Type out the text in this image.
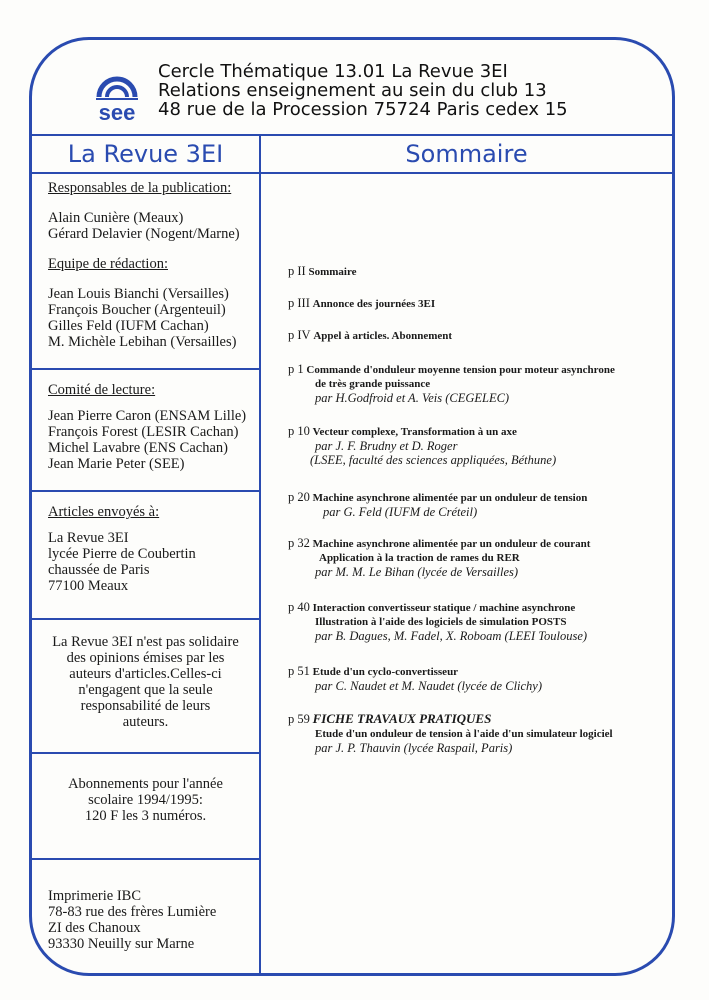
see
Cercle Thématique 13.01 La Revue 3EI
Relations enseignement au sein du club 13
48 rue de la Procession 75724 Paris cedex 15
La Revue 3EI	Sommaire
Responsables de la publication:
Alain Cunière (Meaux)
Gérard Delavier (Nogent/Marne)
Equipe de rédaction:
Jean Louis Bianchi (Versailles)
François Boucher (Argenteuil)
Gilles Feld (IUFM Cachan)
M. Michèle Lebihan (Versailles)
Comité de lecture:
Jean Pierre Caron (ENSAM Lille)
François Forest (LESIR Cachan)
Michel Lavabre (ENS Cachan)
Jean Marie Peter (SEE)
Articles envoyés à:
La Revue 3EI
lycée Pierre de Coubertin
chaussée de Paris
77100 Meaux
La Revue 3EI n'est pas solidaire
des opinions émises par les
auteurs d'articles.Celles-ci
n'engagent que la seule
responsabilité de leurs
auteurs.
Abonnements pour l'année
scolaire 1994/1995:
120 F les 3 numéros.
Imprimerie IBC
78-83 rue des frères Lumière
ZI des Chanoux
93330 Neuilly sur Marne
p II Sommaire
p III Annonce des journées 3EI
p IV Appel à articles. Abonnement
p 1 Commande d'onduleur moyenne tension pour moteur asynchrone
de très grande puissance
par H.Godfroid et A. Veis (CEGELEC)
p 10 Vecteur complexe, Transformation à un axe
par J. F. Brudny et D. Roger
(LSEE, faculté des sciences appliquées, Béthune)
p 20 Machine asynchrone alimentée par un onduleur de tension
par G. Feld (IUFM de Créteil)
p 32 Machine asynchrone alimentée par un onduleur de courant
Application à la traction de rames du RER
par M. M. Le Bihan (lycée de Versailles)
p 40 Interaction convertisseur statique / machine asynchrone
Illustration à l'aide des logiciels de simulation POSTS
par B. Dagues, M. Fadel, X. Roboam (LEEI Toulouse)
p 51 Etude d'un cyclo-convertisseur
par C. Naudet et M. Naudet (lycée de Clichy)
p 59 FICHE TRAVAUX PRATIQUES
Etude d'un onduleur de tension à l'aide d'un simulateur logiciel
par J. P. Thauvin (lycée Raspail, Paris)
